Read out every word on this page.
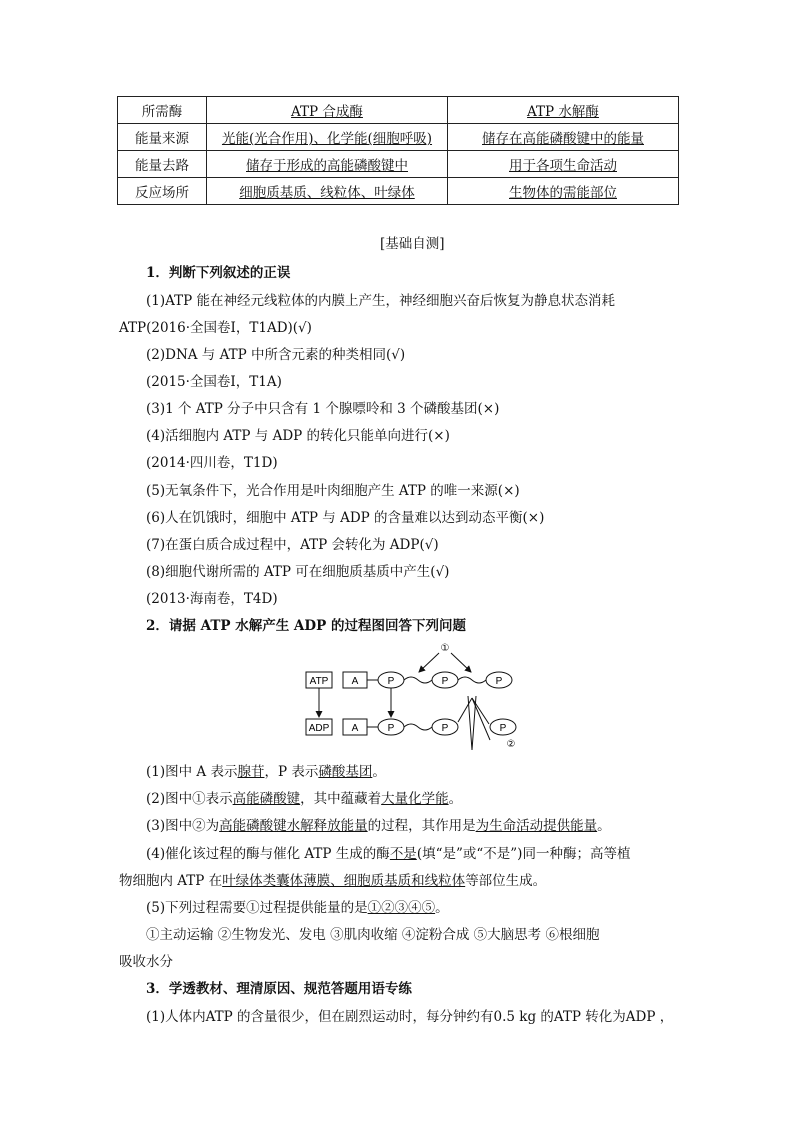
所需酶	ATP 合成酶	ATP 水解酶
能量来源	光能(光合作用)、化学能(细胞呼吸)	储存在高能磷酸键中的能量
能量去路	储存于形成的高能磷酸键中	用于各项生命活动
反应场所	细胞质基质、线粒体、叶绿体	生物体的需能部位
[基础自测]
1．判断下列叙述的正误
(1)ATP 能在神经元线粒体的内膜上产生，神经细胞兴奋后恢复为静息状态消耗
ATP(2016·全国卷Ⅰ，T1AD)(√)
(2)DNA 与 ATP 中所含元素的种类相同(√)
(2015·全国卷Ⅰ，T1A)
(3)1 个 ATP 分子中只含有 1 个腺嘌呤和 3 个磷酸基团(×)
(4)活细胞内 ATP 与 ADP 的转化只能单向进行(×)
(2014·四川卷，T1D)
(5)无氧条件下，光合作用是叶肉细胞产生 ATP 的唯一来源(×)
(6)人在饥饿时，细胞中 ATP 与 ADP 的含量难以达到动态平衡(×)
(7)在蛋白质合成过程中，ATP 会转化为 ADP(√)
(8)细胞代谢所需的 ATP 可在细胞质基质中产生(√)
(2013·海南卷，T4D)
2．请据 ATP 水解产生 ADP 的过程图回答下列问题
ATP A	P	P	P
①
ADP A	P	P	P
②
(1)图中 A 表示腺苷，P 表示磷酸基团。
(2)图中①表示高能磷酸键，其中蕴藏着大量化学能。
(3)图中②为高能磷酸键水解释放能量的过程，其作用是为生命活动提供能量。
(4)催化该过程的酶与催化 ATP 生成的酶不是(填“是”或“不是”)同一种酶；高等植
物细胞内 ATP 在叶绿体类囊体薄膜、细胞质基质和线粒体等部位生成。
(5)下列过程需要①过程提供能量的是①②③④⑤。
①主动运输 ②生物发光、发电 ③肌肉收缩 ④淀粉合成 ⑤大脑思考 ⑥根细胞
吸收水分
3．学透教材、理清原因、规范答题用语专练
(1)人体内ATP 的含量很少，但在剧烈运动时，每分钟约有0.5 kg 的ATP 转化为ADP ，
